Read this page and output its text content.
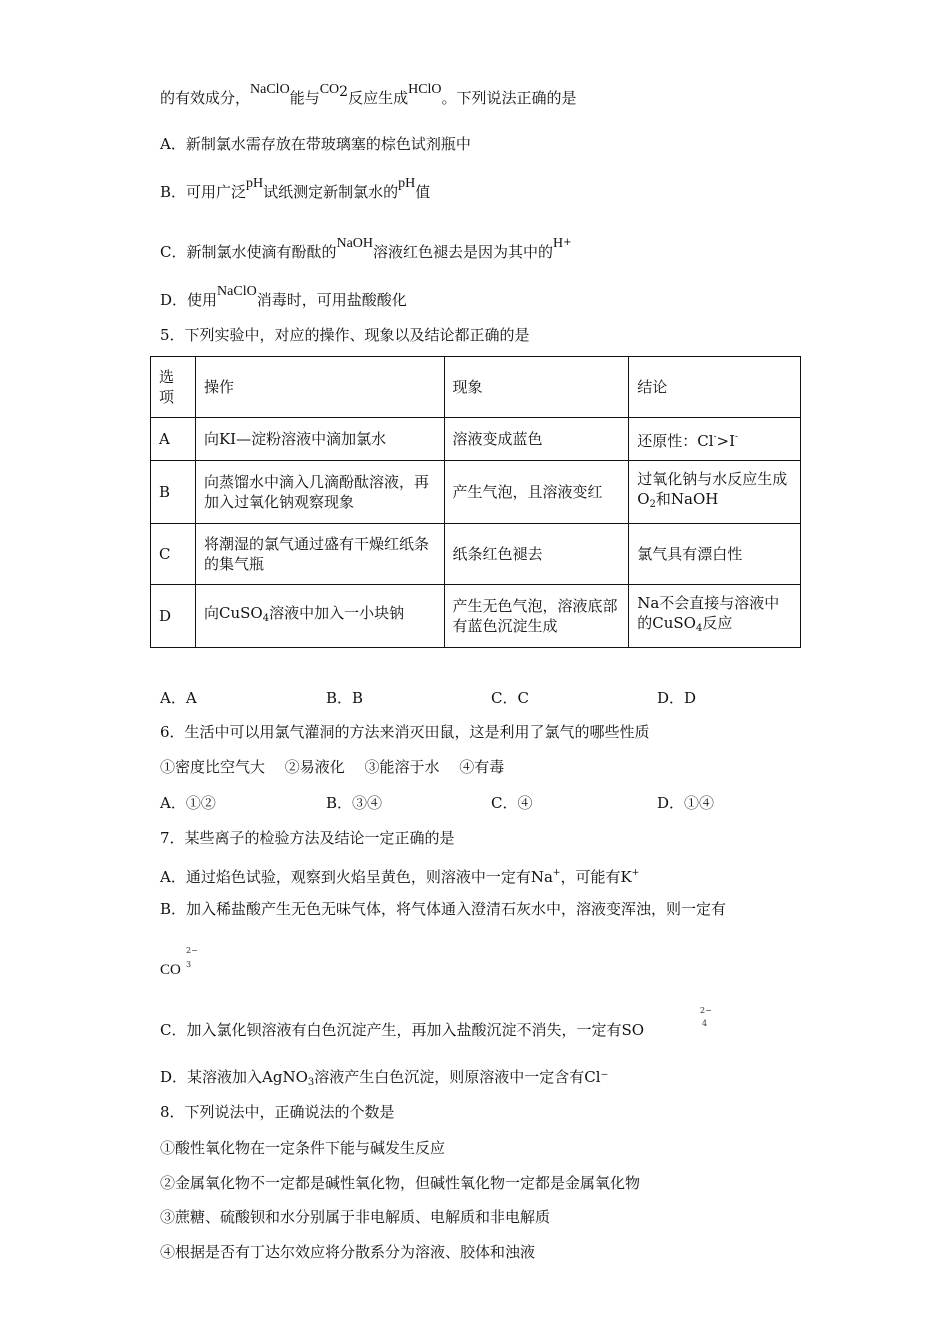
的有效成分，NaClO能与$CO_2$反应生成HClO。下列说法正确的是
A．新制氯水需存放在带玻璃塞的棕色试剂瓶中
B．可用广泛pH试纸测定新制氯水的pH值
C．新制氯水使滴有酚酞的NaOH溶液红色褪去是因为其中的H+
D．使用NaClO消毒时，可用盐酸酸化
5．下列实验中，对应的操作、现象以及结论都正确的是
选项	操作	现象	结论
A	向KI—淀粉溶液中滴加氯水	溶液变成蓝色	还原性：Cl->I-
B	向蒸馏水中滴入几滴酚酞溶液，再加入过氧化钠观察现象	产生气泡，且溶液变红	过氧化钠与水反应生成$O_2$和NaOH
C	将潮湿的氯气通过盛有干燥红纸条的集气瓶	纸条红色褪去	氯气具有漂白性
D	向CuSO$_4$溶液中加入一小块钠	产生无色气泡，溶液底部有蓝色沉淀生成	Na不会直接与溶液中的CuSO$_4$反应
A．A	B．B	C．C	D．D
6．生活中可以用氯气灌洞的方法来消灭田鼠，这是利用了氯气的哪些性质
①密度比空气大　 ②易液化　 ③能溶于水　 ④有毒
A．①②	B．③④	C．④	D．①④
7．某些离子的检验方法及结论一定正确的是
A．通过焰色试验，观察到火焰呈黄色，则溶液中一定有Na+，可能有K+
B．加入稀盐酸产生无色无味气体，将气体通入澄清石灰水中，溶液变浑浊，则一定有
CO
2−
3
C．加入氯化钡溶液有白色沉淀产生，再加入盐酸沉淀不消失，一定有SO
2−
4
D．某溶液加入AgNO$_3$溶液产生白色沉淀，则原溶液中一定含有Cl⁻
8．下列说法中，正确说法的个数是
①酸性氧化物在一定条件下能与碱发生反应
②金属氧化物不一定都是碱性氧化物，但碱性氧化物一定都是金属氧化物
③蔗糖、硫酸钡和水分别属于非电解质、电解质和非电解质
④根据是否有丁达尔效应将分散系分为溶液、胶体和浊液
